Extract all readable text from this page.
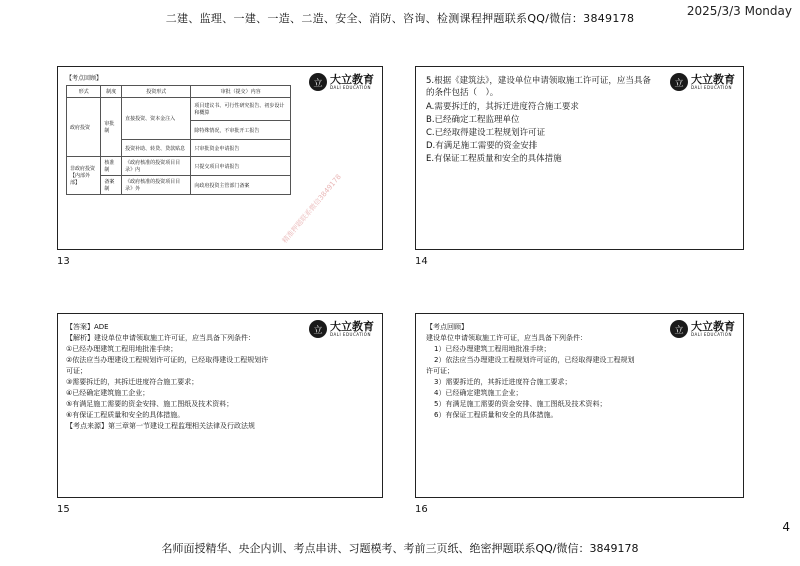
二建、监理、一建、一造、二造、安全、消防、咨询、检测课程押题联系QQ/微信：3849178
2025/3/3 Monday
立 大立教育
DALI EDUCATION
【考点回顾】
形式	制度	投资形式	审批（提交）内容
政府投资	审批制	直接投资、资本金注入	项目建议书、可行性研究报告、初步设计和概算
			除特殊情况，不审批开工报告
		投资补助、转贷、贷款贴息	只审批资金申请报告

非政府投资
【内部外部】	核准制	《政府核准的投资项目目录》内	只提交项目申请报告
	备案制	《政府核准的投资项目目录》外	向政府投资主管部门备案	精准押题联系微信3849178
13
立 大立教育
DALI EDUCATION
5.根据《建筑法》，建设单位申请领取施工许可证，应当具备的条件包括（　）。
A.需要拆迁的，其拆迁进度符合施工要求
B.已经确定工程监理单位
C.已经取得建设工程规划许可证
D.有满足施工需要的资金安排
E.有保证工程质量和安全的具体措施
14
立 大立教育
DALI EDUCATION
【答案】ADE
【解析】建设单位申请领取施工许可证，应当具备下列条件：
①已经办理建筑工程用地批准手续；
②依法应当办理建设工程规划许可证的，已经取得建设工程规划许
可证；
③需要拆迁的，其拆迁进度符合施工要求；
④已经确定建筑施工企业；
⑤有满足施工需要的资金安排、施工图纸及技术资料；
⑥有保证工程质量和安全的具体措施。
【考点来源】第三章第一节建设工程监理相关法律及行政法规
15
立 大立教育
DALI EDUCATION
【考点回顾】
建设单位申请领取施工许可证，应当具备下列条件：
1）已经办理建筑工程用地批准手续；
2）依法应当办理建设工程规划许可证的，已经取得建设工程规划
许可证；
3）需要拆迁的，其拆迁进度符合施工要求；
4）已经确定建筑施工企业；
5）有满足施工需要的资金安排、施工图纸及技术资料；
6）有保证工程质量和安全的具体措施。
16
4
名师面授精华、央企内训、考点串讲、习题模考、考前三页纸、绝密押题联系QQ/微信：3849178
